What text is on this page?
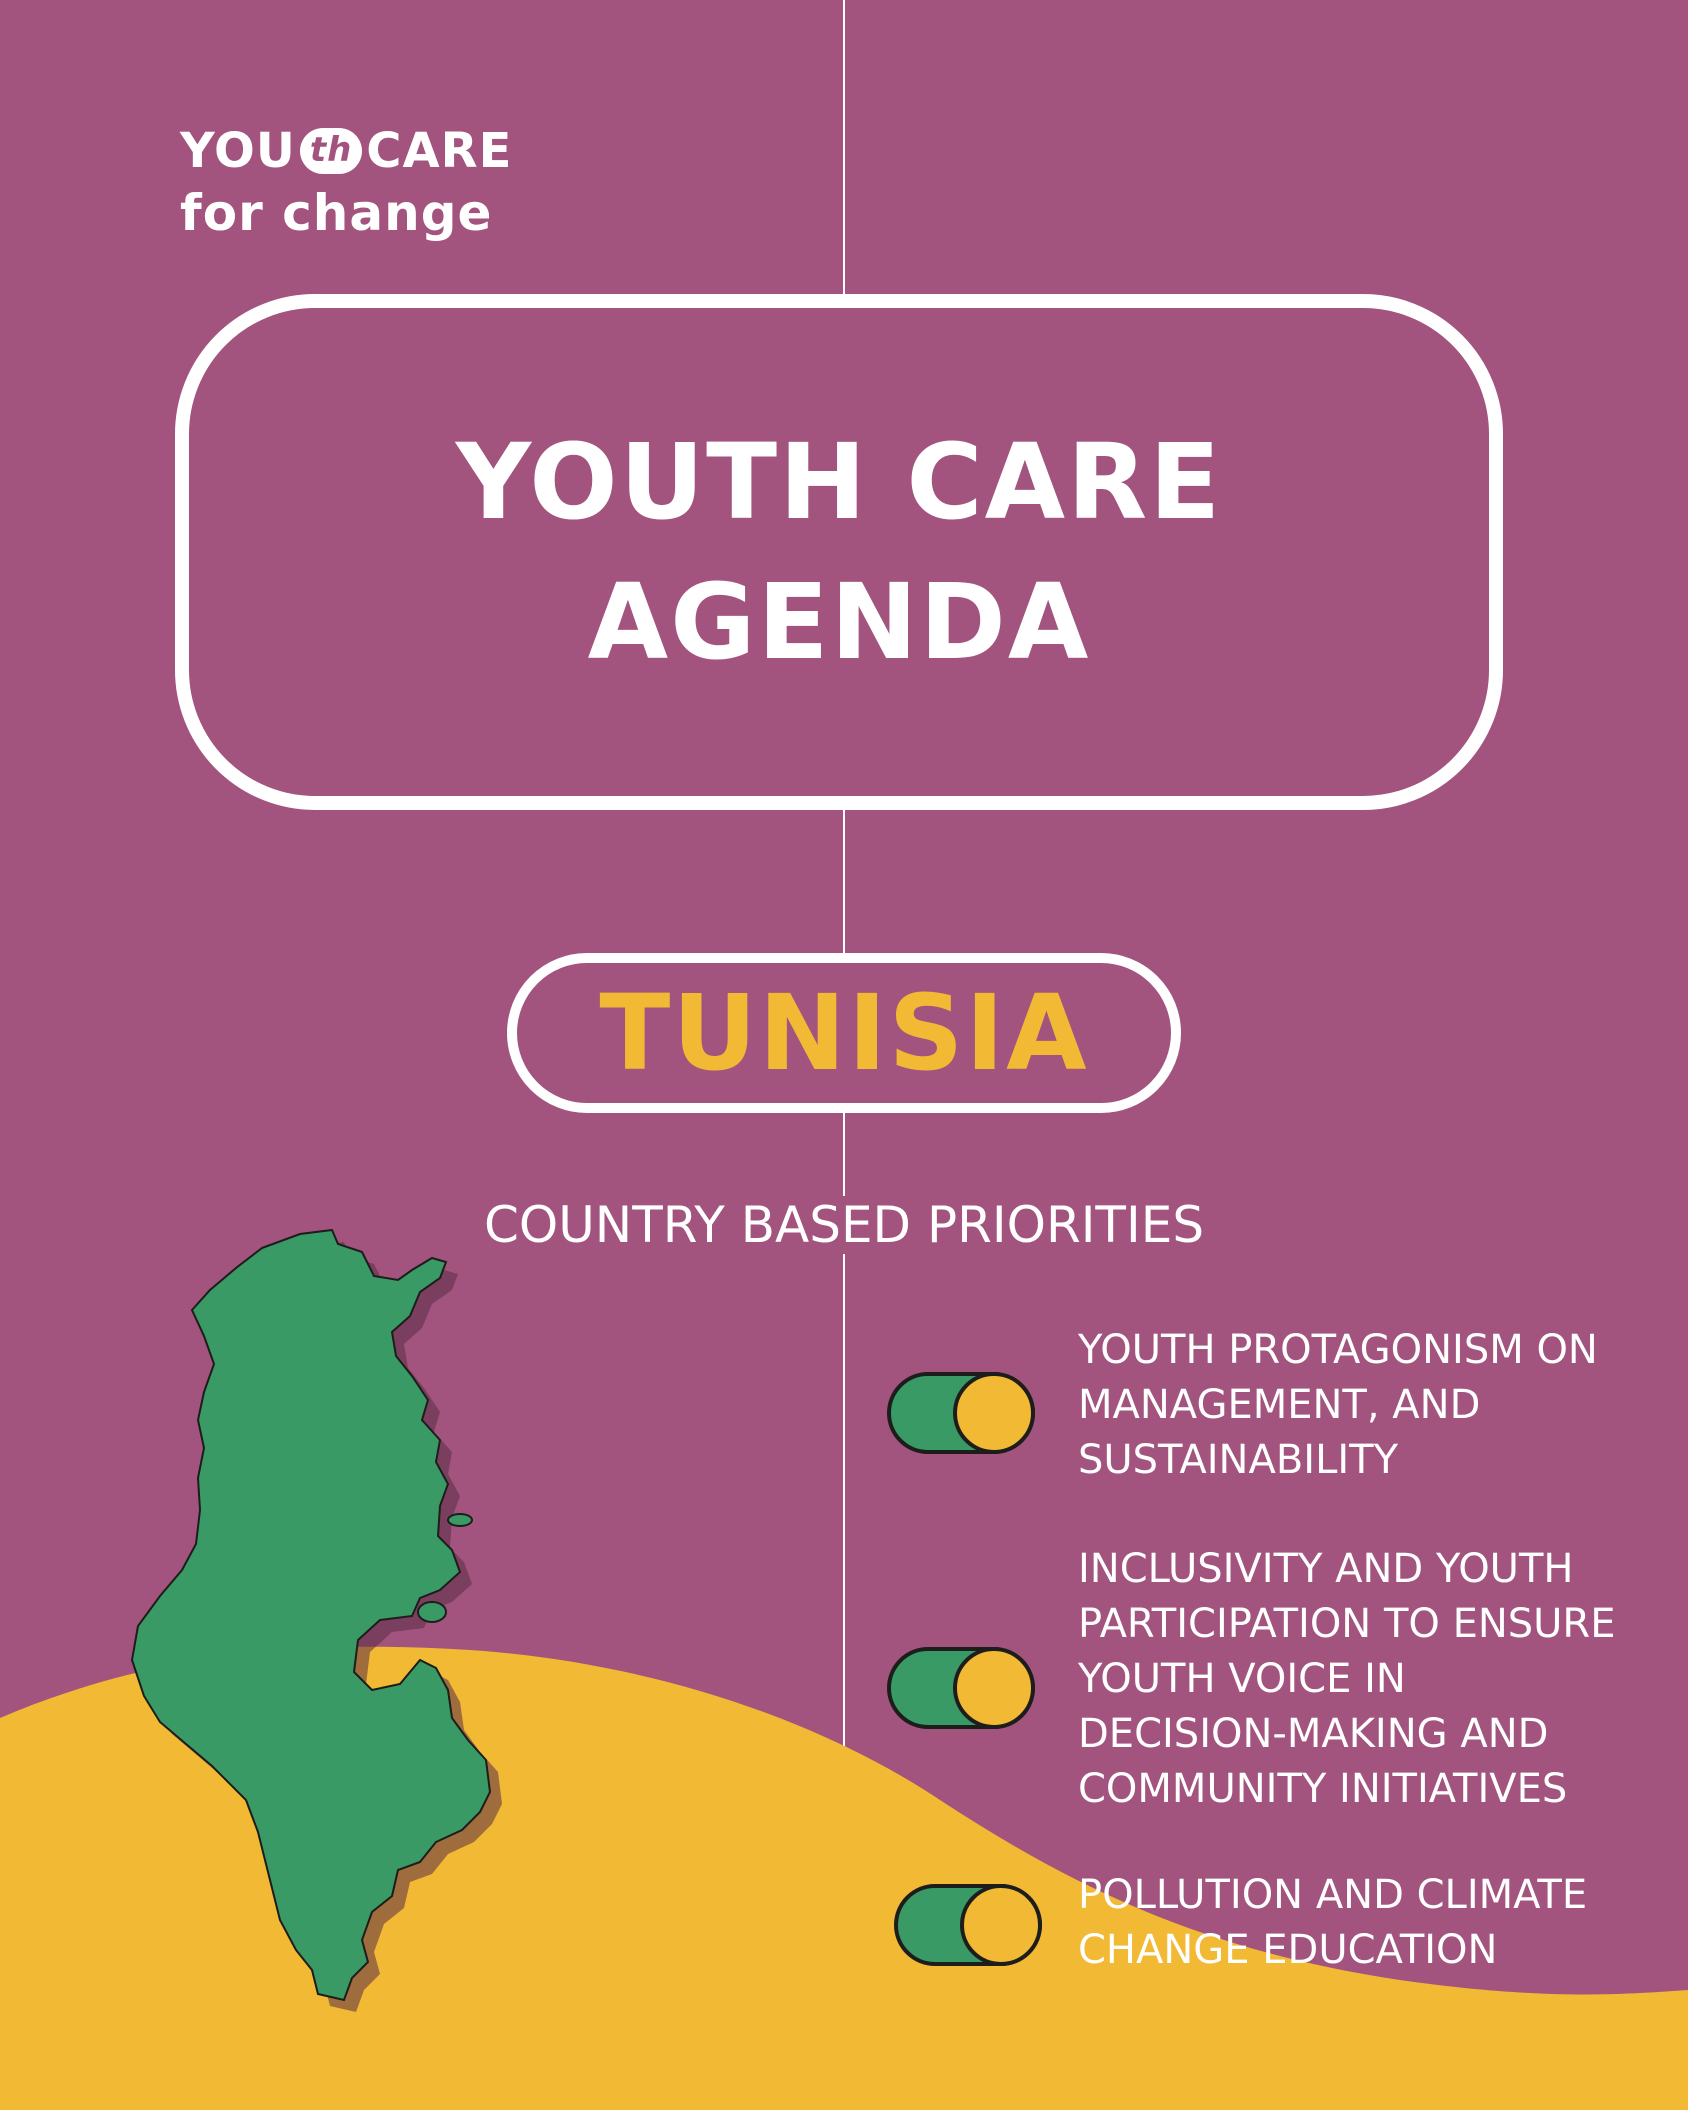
YOU th CARE
for change
YOUTH CARE
AGENDA
TUNISIA
COUNTRY BASED PRIORITIES
YOUTH PROTAGONISM ON
MANAGEMENT, AND
SUSTAINABILITY
INCLUSIVITY AND YOUTH
PARTICIPATION TO ENSURE
YOUTH VOICE IN
DECISION-MAKING AND
COMMUNITY INITIATIVES
POLLUTION AND CLIMATE
CHANGE EDUCATION
